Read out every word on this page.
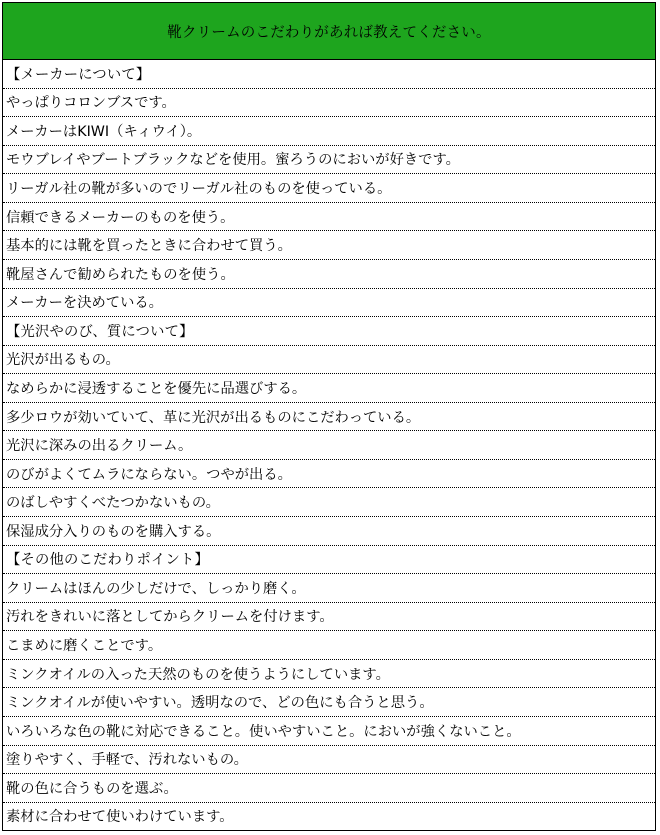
靴クリームのこだわりがあれば教えてください。
【メーカーについて】
やっぱりコロンブスです。
メーカーはKIWI（キィウイ）。
モウブレイやブートブラックなどを使用。蜜ろうのにおいが好きです。
リーガル社の靴が多いのでリーガル社のものを使っている。
信頼できるメーカーのものを使う。
基本的には靴を買ったときに合わせて買う。
靴屋さんで勧められたものを使う。
メーカーを決めている。
【光沢やのび、質について】
光沢が出るもの。
なめらかに浸透することを優先に品選びする。
多少ロウが効いていて、革に光沢が出るものにこだわっている。
光沢に深みの出るクリーム。
のびがよくてムラにならない。つやが出る。
のばしやすくべたつかないもの。
保湿成分入りのものを購入する。
【その他のこだわりポイント】
クリームはほんの少しだけで、しっかり磨く。
汚れをきれいに落としてからクリームを付けます。
こまめに磨くことです。
ミンクオイルの入った天然のものを使うようにしています。
ミンクオイルが使いやすい。透明なので、どの色にも合うと思う。
いろいろな色の靴に対応できること。使いやすいこと。においが強くないこと。
塗りやすく、手軽で、汚れないもの。
靴の色に合うものを選ぶ。
素材に合わせて使いわけています。
